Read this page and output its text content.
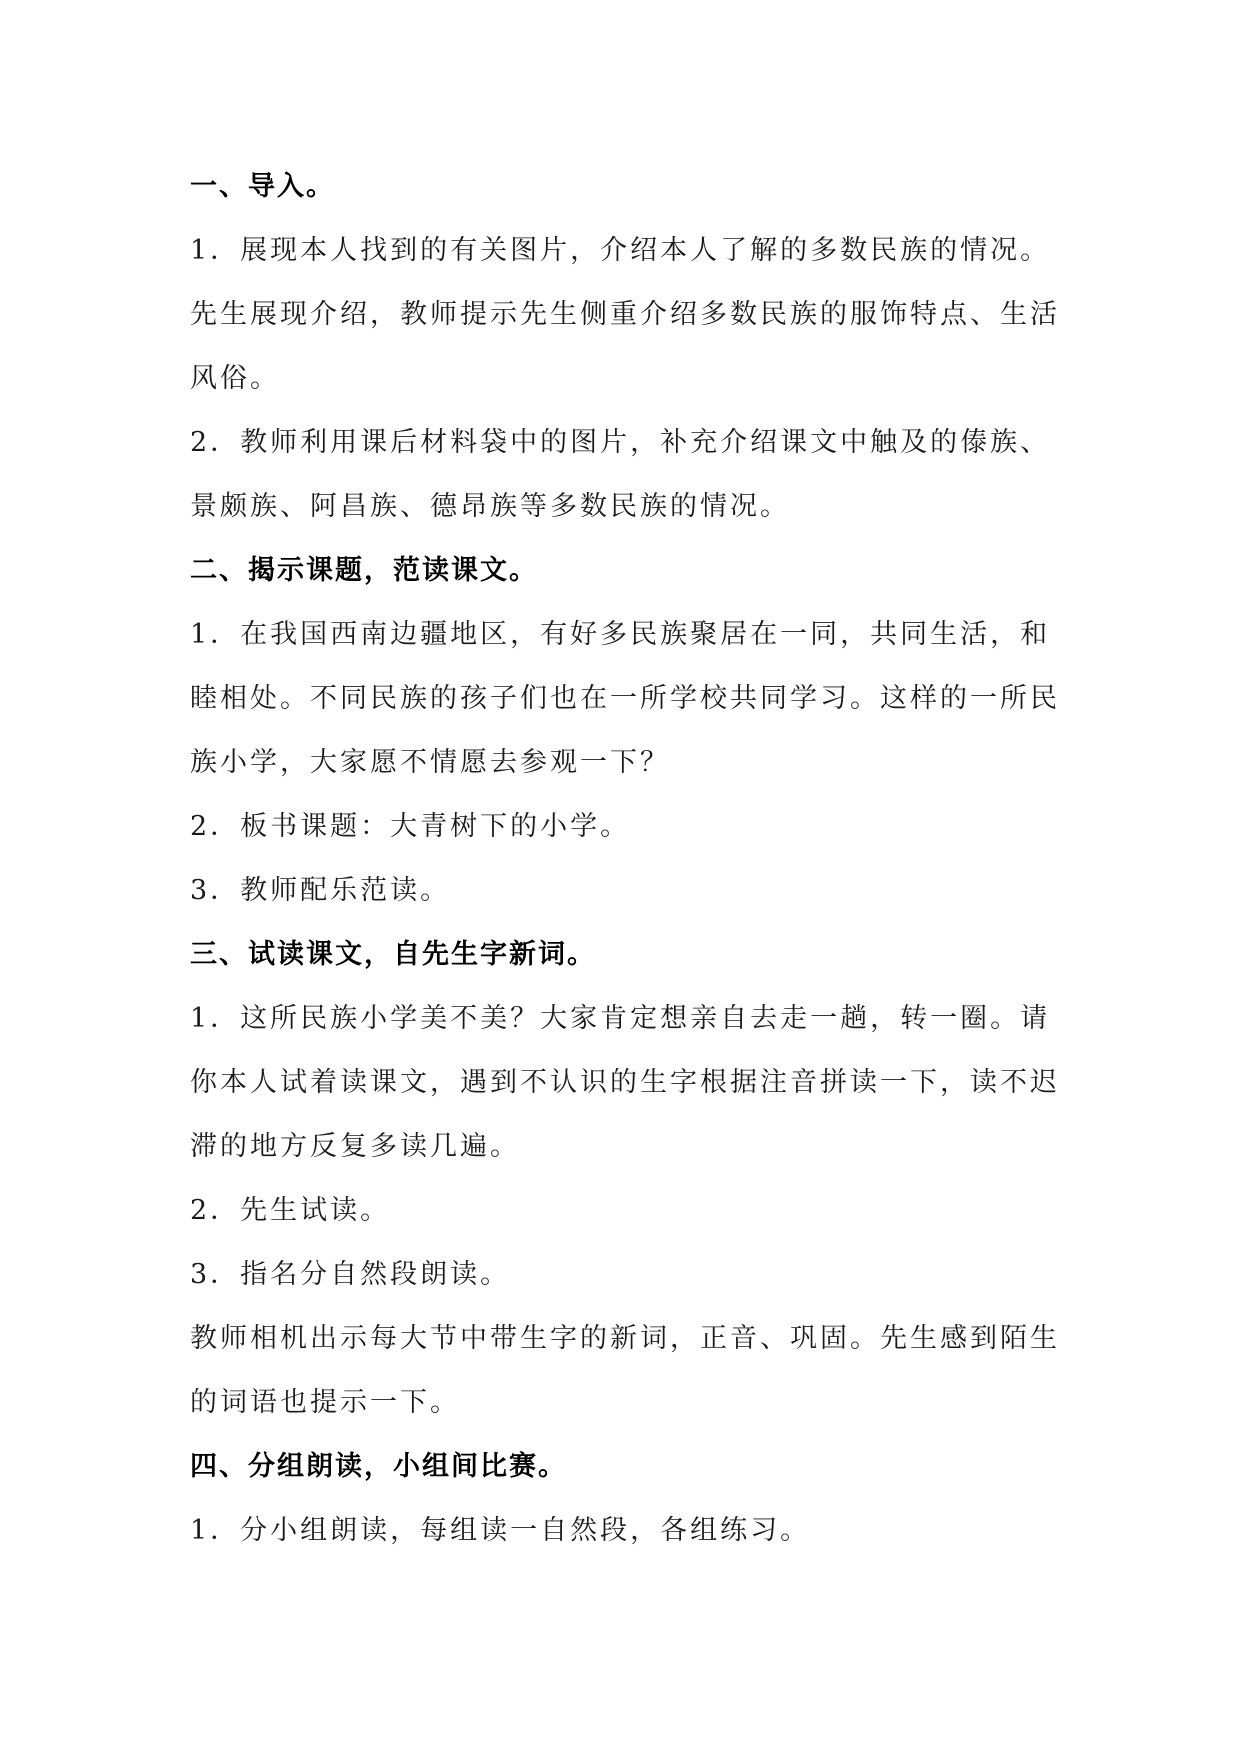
一、导入。
1．展现本人找到的有关图片，介绍本人了解的多数民族的情况。
先生展现介绍，教师提示先生侧重介绍多数民族的服饰特点、生活
风俗。
2．教师利用课后材料袋中的图片，补充介绍课文中触及的傣族、
景颇族、阿昌族、德昂族等多数民族的情况。
二、揭示课题，范读课文。
1．在我国西南边疆地区，有好多民族聚居在一同，共同生活，和
睦相处。不同民族的孩子们也在一所学校共同学习。这样的一所民
族小学，大家愿不情愿去参观一下？
2．板书课题：大青树下的小学。
3．教师配乐范读。
三、试读课文，自先生字新词。
1．这所民族小学美不美？大家肯定想亲自去走一趟，转一圈。请
你本人试着读课文，遇到不认识的生字根据注音拼读一下，读不迟
滞的地方反复多读几遍。
2．先生试读。
3．指名分自然段朗读。
教师相机出示每大节中带生字的新词，正音、巩固。先生感到陌生
的词语也提示一下。
四、分组朗读，小组间比赛。
1．分小组朗读，每组读一自然段，各组练习。
